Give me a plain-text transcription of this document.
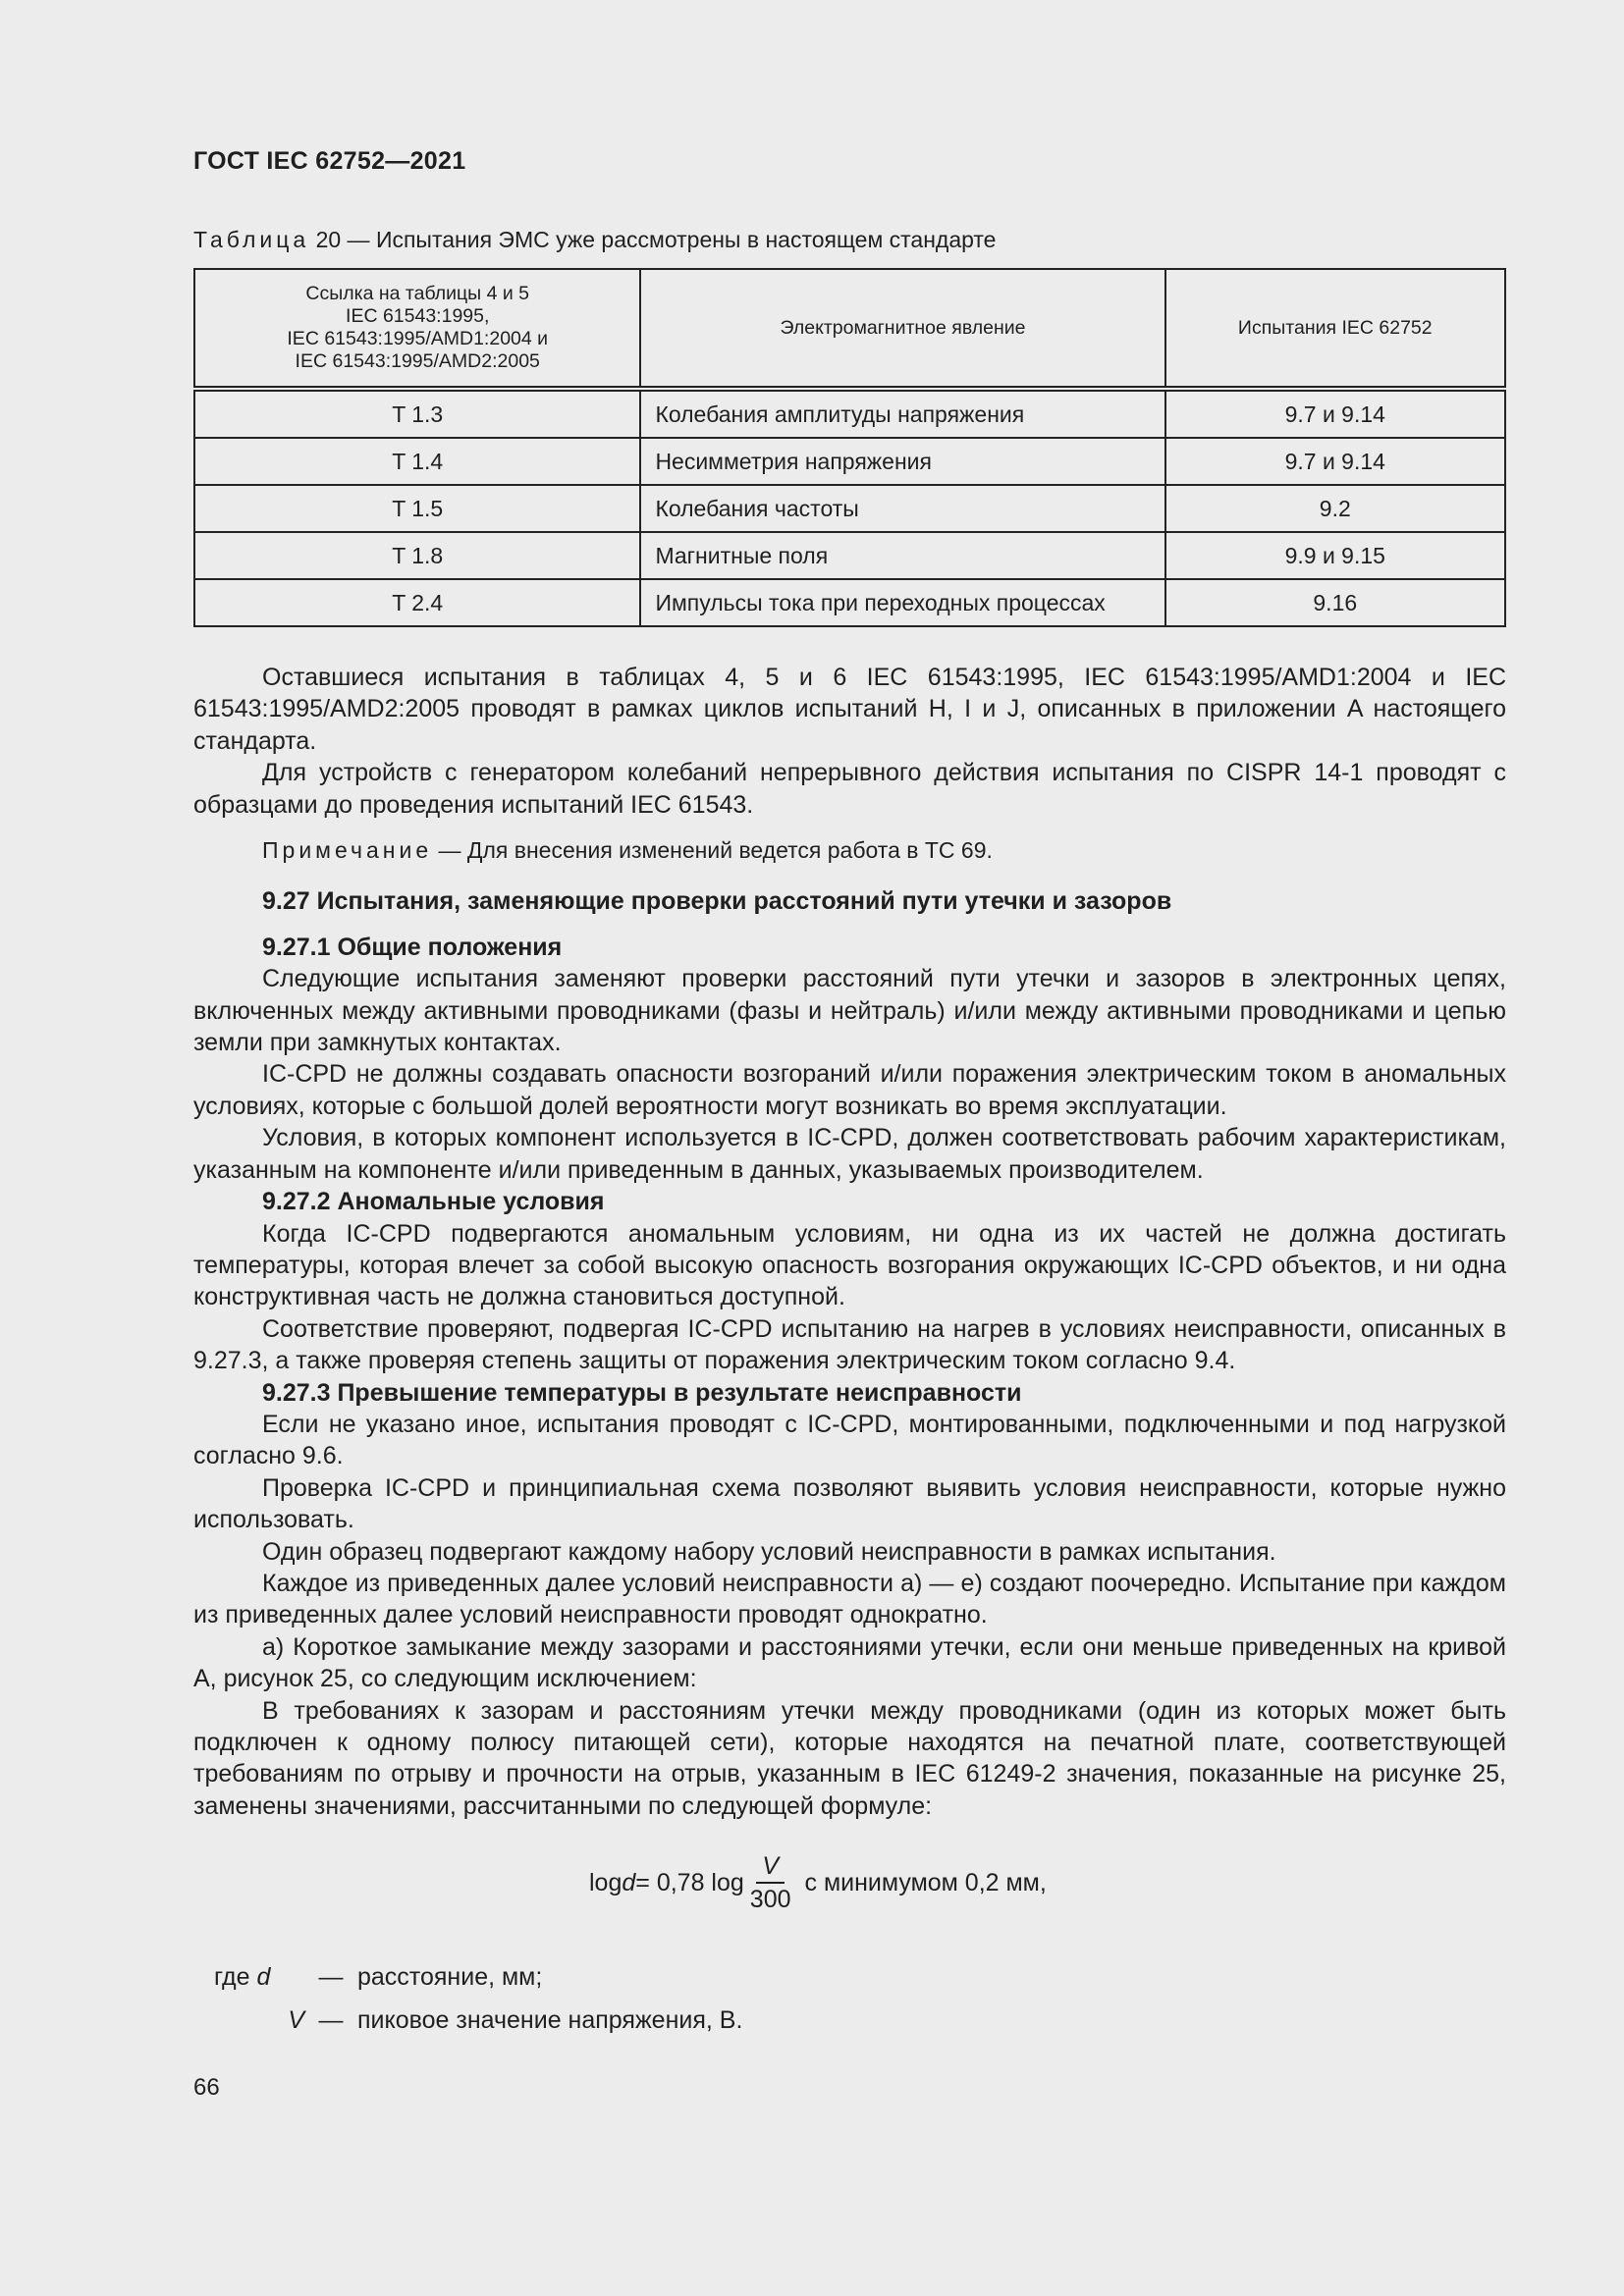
ГОСТ IEC 62752—2021
Таблица 20 — Испытания ЭМС уже рассмотрены в настоящем стандарте
Ссылка на таблицы 4 и 5
IEC 61543:1995,
IEC 61543:1995/AMD1:2004 и
IEC 61543:1995/AMD2:2005	Электромагнитное явление	Испытания IEC 62752
T 1.3	Колебания амплитуды напряжения	9.7 и 9.14
T 1.4	Несимметрия напряжения	9.7 и 9.14
T 1.5	Колебания частоты	9.2
T 1.8	Магнитные поля	9.9 и 9.15
T 2.4	Импульсы тока при переходных процессах	9.16

Оставшиеся испытания в таблицах 4, 5 и 6 IEC 61543:1995, IEC 61543:1995/AMD1:2004 и IEC 61543:1995/AMD2:2005 проводят в рамках циклов испытаний H, I и J, описанных в приложении A настоящего стандарта.

Для устройств с генератором колебаний непрерывного действия испытания по CISPR 14-1 проводят с образцами до проведения испытаний IEC 61543.

Примечание — Для внесения изменений ведется работа в ТС 69.

9.27 Испытания, заменяющие проверки расстояний пути утечки и зазоров
9.27.1 Общие положения

Следующие испытания заменяют проверки расстояний пути утечки и зазоров в электронных цепях, включенных между активными проводниками (фазы и нейтраль) и/или между активными проводниками и цепью земли при замкнутых контактах.

IC-CPD не должны создавать опасности возгораний и/или поражения электрическим током в аномальных условиях, которые с большой долей вероятности могут возникать во время эксплуатации.

Условия, в которых компонент используется в IC-CPD, должен соответствовать рабочим характеристикам, указанным на компоненте и/или приведенным в данных, указываемых производителем.

9.27.2 Аномальные условия

Когда IC-CPD подвергаются аномальным условиям, ни одна из их частей не должна достигать температуры, которая влечет за собой высокую опасность возгорания окружающих IC-CPD объектов, и ни одна конструктивная часть не должна становиться доступной.

Соответствие проверяют, подвергая IC-CPD испытанию на нагрев в условиях неисправности, описанных в 9.27.3, а также проверяя степень защиты от поражения электрическим током согласно 9.4.

9.27.3 Превышение температуры в результате неисправности

Если не указано иное, испытания проводят с IC-CPD, монтированными, подключенными и под нагрузкой согласно 9.6.

Проверка IC-CPD и принципиальная схема позволяют выявить условия неисправности, которые нужно использовать.

Один образец подвергают каждому набору условий неисправности в рамках испытания.

Каждое из приведенных далее условий неисправности a) — e) создают поочередно. Испытание при каждом из приведенных далее условий неисправности проводят однократно.

a) Короткое замыкание между зазорами и расстояниями утечки, если они меньше приведенных на кривой A, рисунок 25, со следующим исключением:

В требованиях к зазорам и расстояниям утечки между проводниками (один из которых может быть подключен к одному полюсу питающей сети), которые находятся на печатной плате, соответствующей требованиям по отрыву и прочности на отрыв, указанным в IEC 61249-2 значения, показанные на рисунке 25, заменены значениями, рассчитанными по следующей формуле:

log d = 0,78 $\log \frac{V}{300}$ с минимумом 0,2 мм,
где d	— расстояние, мм;
V — пиковое значение напряжения, В.
66
